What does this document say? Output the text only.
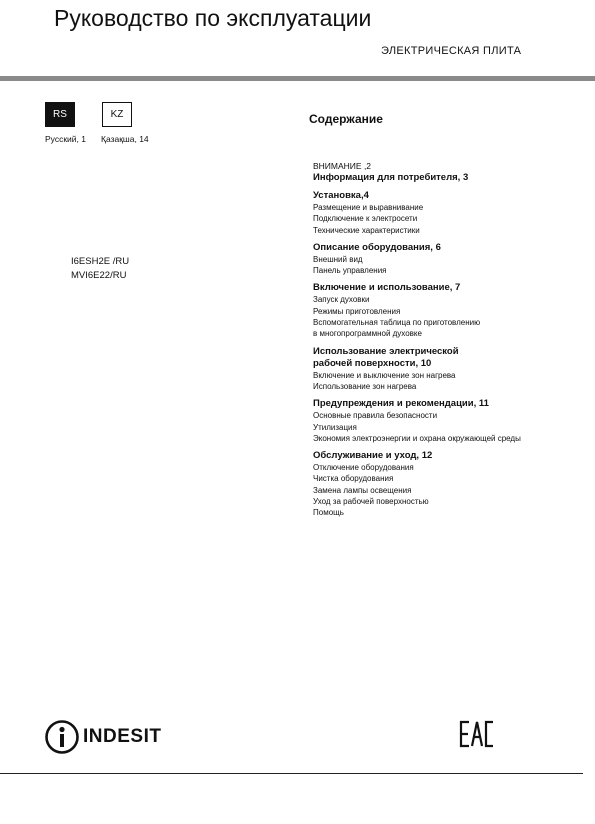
Руководство по эксплуатации
ЭЛЕКТРИЧЕСКАЯ ПЛИТА
RS	KZ
Русский, 1 Қазақша, 14
I6ESH2E /RU
MVI6E22/RU
Содержание
ВНИМАНИЕ ,2
Информация для потребителя, 3
Установка,4
Размещение и выравнивание
Подключение к электросети
Технические характеристики
Описание оборудования, 6
Внешний вид
Панель управления
Включение и использование, 7
Запуск духовки
Режимы приготовления
Вспомогательная таблица по приготовлению
в многопрограммной духовке
Использование электрической рабочей поверхности, 10
Включение и выключение зон нагрева
Использование зон нагрева
Предупреждения и рекомендации, 11
Основные правила безопасности
Утилизация
Экономия электроэнергии и охрана окружающей среды
Обслуживание и уход, 12
Отключение оборудования
Чистка оборудования
Замена лампы освещения
Уход за рабочей поверхностью
Помощь
INDESIT
